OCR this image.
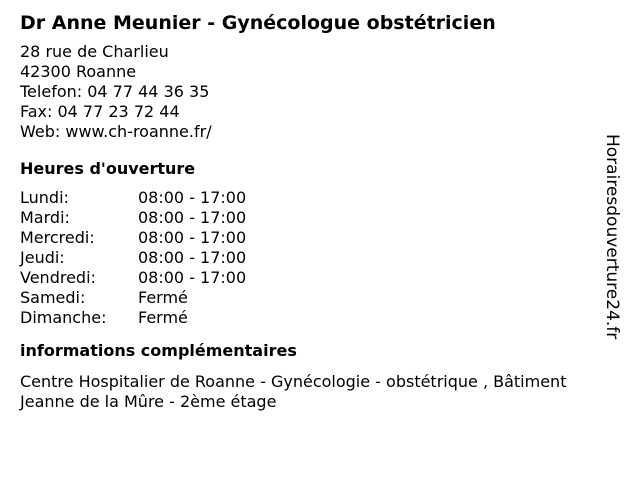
Dr Anne Meunier - Gynécologue obstétricien
28 rue de Charlieu
42300 Roanne
Telefon: 04 77 44 36 35
Fax: 04 77 23 72 44
Web: www.ch-roanne.fr/
Heures d'ouverture
Lundi:	08:00 - 17:00
Mardi:	08:00 - 17:00
Mercredi:	08:00 - 17:00
Jeudi:	08:00 - 17:00
Vendredi:	08:00 - 17:00
Samedi:	Fermé
Dimanche:	Fermé
informations complémentaires
Centre Hospitalier de Roanne - Gynécologie - obstétrique , Bâtiment Jeanne de la Mûre - 2ème étage
Horairesdouverture24.fr
